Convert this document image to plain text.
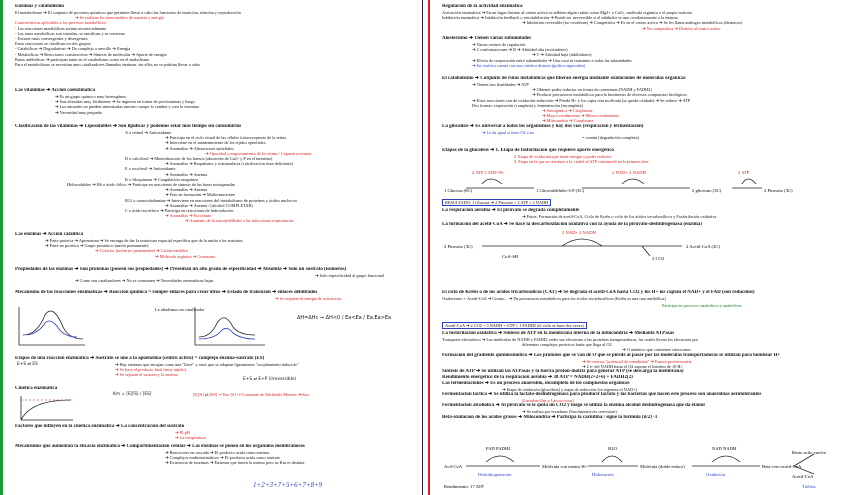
Enzimas y catabolismo
El metabolismo ➔ El conjunto de procesos químicos que permiten llevar a cabo las funciones de nutrición, relación y reproducción
➔ Se realizan los intercambios de materia y energía
Características aplicables a los procesos metabólicos:
- Las reacciones metabólicas actúan secuencialmente
- Las rutas metabólicas son variadas, se ramifican y se conectan
- Existen rutas convergentes y divergentes
Estas reacciones se clasifican en dos grupos:
- Catabólicas ➔ Degradativas ➔ De complejo a sencillo ➔ Energía
- Metabólicas ➔ Reacciones constructivas ➔ Síntesis de moléculas ➔ Aporte de energía
Rutas anfibólicas ➔ participan tanto en el catabolismo como en el anabolismo
Para el metabolismo se necesitan unos catalizadores llamados enzimas, sin ellos no se podrían llevar a cabo
Las vitaminas ➔ Acción coenzimática
➔ Es un grupo químico muy heterogéneo
➔ Son alteradas muy fácilmente ➔ Se ingieren en forma de provitaminas y luego
➔ Los animales no pueden sintetizarlas nuestro cuerpo lo cambia y crea la vitamina
➔ Necesidad muy pequeña
Clasificación de las vitaminas ➔ Liposolubles ➔ Son lipídicas y podemos estar más tiempo sin consumirlas
A o retinol ➔ Antioxidante
➔ Participa en el ciclo visual de las células fotorreceptoras de la retina
➔ Interviene en el mantenimiento de los tejidos epiteliales
➔ Anomalías ➔ Alteraciones epiteliales
➔ Opacidad y engrosamiento de la córnea / Ceguera nocturna
D o calciferol ➔ Mineralización de los huesos (absorción de Ca2+ y P en el intestino)
➔ Anomalías ➔ Raquitismo y osteomalacia (calcificación ósea deficiente)
E o tocoferol ➔ Antioxidante
➔ Anomalías ➔ Anemia
K o filoquinona ➔ Coagulación sanguínea
Hidrosolubles ➔ B6 o ácido fólico ➔ Participa en reacciones de síntesis de las bases nitrogenadas
➔ Anomalías ➔ Anemia
➔ Feto en formación ➔ Malformaciones
B12 o cianocobalamina ➔ Interviene en reacciones del metabolismo de proteínas y ácidos nucleicos
➔ Anomalías ➔ Anemia / (alcohol COMPLETAR)
C o ácido ascórbico ➔ Participa en reacciones de hidroxilación
➔ Anomalías ➔ Escorbuto
➔ Aumento de la susceptibilidad a las infecciones respiratorias
Las enzimas ➔ Acción catalítica
➔ Parte proteica ➔ Apoenzima ➔ Se encarga de dar la estructura espacial específica que da la unión a los sustratos
➔ Parte no proteica ➔ Grupo prostético (unión permanente)
➔ Cofactor (unión no permanente) ➔ Catión metálico
➔ Molécula orgánica ➔ Coenzima
Propiedades de las enzimas ➔ Son proteínas (poseen sus propiedades) ➔ Presentan un alto grado de especificidad ➔ Absoluta ➔ Solo un sustrato (isómeros)
➔ Solo especificidad al grupo funcional
➔ Como son catalizadores ➔ No se consumen ➔ Necesidades enzimáticas bajas
Mecanismo de las reacciones enzimáticas ➔ Reacción química = romper enlaces para crear otros ➔ Estado de transición ➔ enlaces debilitados
➔ Se requiere la energía de activación
Le añadimos un catalizador
ΔH=ΔHc ⇒ ΔH<0 / Ea<Ea / Ea:Ea>Ea
Etapas de una reacción enzimática ➔ Sustrato se une a la apoenzima (centro activo) = complejo enzima-sustrato (ES)
➔ Hay enzimas que encajan como una "llave" y otras que se adaptan ligeramente "acoplamiento inducido"
➔ Se hace el producto final (muy rápido)
➔ Se separan el sustrato y la enzima
E+S ⇄ ES
E+S ⇄ E+P (irreversible)
Cinética enzimática
Km = [E][S] / [ES]	[E][S] ⇌ [ES] ⇒ Km [S] ⇒ Constante de Michaelis-Menten ➔ Km
Factores que influyen en la cinética enzimática ➔ La concentración del sustrato
➔ El pH
➔ La temperatura
Mecanismos que aumentan la eficacia enzimática ➔ Compartimentación celular ➔ Las enzimas se ponen en los orgánulos membranosos
➔ Reacciones en cascada ➔ El producto actúa como enzima
➔ Complejos multienzimáticos ➔ El producto actúa como sustrato
➔ Existencia de isozimas ➔ Enzimas que hacen lo mismo pero su Km es distinta
1+2+3+7+5+6+7+8+9
Regulación de la actividad enzimática
Activación enzimática ➔ En un lugar distinto al centro activo se adhiere algún catión como Mg2+ o Ca2+, molécula orgánica o el propio sustrato
Inhibición enzimática ➔ Inhibición feedback o retroinhibición ➔ Puede ser irreversible si el inhibidor se une covalentemente a la enzima
➔ Inhibición reversible (no covalente) ➔ Competitiva ➔ Es en el centro activo ➔ Se les llama análogos metabólicos (fármacos)
➔ No competitiva ➔ Distinto al centro activo
Alosterismo ➔ Tienen varias subunidades
➔ Varios centros de regulación
➔ 2 conformaciones ➔ R ➔ Afinidad alta (activadores)
➔ T ➔ Afinidad baja (inhibidores)
➔ Efecto de cooperación entre subunidades ➔ Una cosa se transmite a todas las subunidades
➔ Su cinética cuenta con una cinética distinta (gráfica sigmoidea)
El catabolismo ➔ Conjunto de rutas metabólicas que liberan energía mediante oxidaciones de moléculas orgánicas
➔ Tienen tres finalidades ➔ ATP
➔ Obtener poder reductor en forma de coenzimas (NADH y FADH2)
➔ Producir precursores metabólicos para la biosíntesis de diversos compuestos biológicos
➔ Estas reacciones son de oxidación-reducción ➔ Pierde H+ y los capta otra molécula (se queda oxidada) ➔ Se reduce ➔ ATP
Dos formas: respiración (completa) y fermentación (incompleta)
➔ Sinorgánica ➔ Citoplasma
➔ Mayor rendimiento ➔ Menor rendimiento
➔ Mitocondria ➔ Citoplasma
La glucólisis ➔ Es universal a todos los organismos y hay dos vías (respiración y fermentación)
➔ Le da igual si tiene O2 o no
= común (degradación completa)
Etapas de la glucólisis ➔ 1. Etapa de fosforilación que requiere aporte energético
2. Etapa de oxidación que rinde energía y poder reductor
3. Etapa en la que se restituye a la vitalid al ATP consumido en la primera fase
1 Glucosa (6C)
2 ATP 2 ADP+Pi
1 Gliceraldehído-3-P (3C)
2 NAD+ 2 NADH
2 glicerato (3C)
2 ATP
2 Piruvato (3C)
RESULTADO: 1 Glucosa ➔ 2 Piruvato + 2 ATP + 2 NADH
La respiración aerobia ➔ El piruvato se degrada completamente
➔ Pasos: Formación de acetil-CoA, Ciclo de Krebs o ciclo de los ácidos tricarboxílicos y Fosforilación oxidativa
La formación del acetil-CoA ➔ Se hace la descarboxilación oxidativa con la ayuda de la piruvato-deshidrogenasa (enzima)
2 Piruvato (3C)
CoA-SH
2 NAD+ 2 NADH
2 Acetil-CoA (2C)
2 CO2
El ciclo de Krebs o de los ácidos tricarboxílicos (CAT) ➔ Se degrada el acetil-CoA hasta CO2 y los H+ los captan el NAD+ y el FAD (son reducidos)
Oxalacetato + Acetil-CoA ➔ Citrato... ➔ Da precursores metabólicos para los ácidos tricarboxílicos (Krebs es una ruta anfibólica)
Participa en procesos catabólicos y anabólicos
Acetil-CoA ➔ 2 CO2 + 3 NADH + GTP + 1 FADH2 (el ciclo se hace dos veces)
La fosforilación oxidativa ➔ Síntesis de ATP en la membrana interna de la mitocondria ➔ Mediante ATPasas
Transporte electrónico ➔ Las moléculas de NADH y FADH2 cedes sus electrones a las proteínas transportadoras, las cuales llevan los electrones por
diferentes complejos proteicos hasta que llega al O2
➔ O aniónico que contienen citocromos
Formación del gradiente quimiosmótico ➔ Los protones que se van de O que se pierde al pasar por las moléculas transportadoras se utilizan para bombear H+
➔ Se crea un "potencial de membrana" ➔ Fuerza protón-motriz
➔ 2 e- del NADH hasta el O2 supone el bombeo de 10 H+
Síntesis de ATP ➔ Se utilizan las ATPasas y la fuerza protón-motriz para generar ATP (se descarga la membrana)
Rendimiento energético de la respiración aerobia ➔ 38 ATP = NADH(2+2+6) + FADH2(2)
Las fermentaciones ➔ Es un proceso anaerobio, incompleto de los compuestos orgánicos
➔ Etapa de oxidación (glucólisis) y etapa de reducción (se regenera el NAD+)
Fermentación láctica ➔ Se utiliza la lactato-deshidrogenasa para producir lactato y las bacterias que hacen este proceso son anaerobias aerotolerantes
(Lactobacillus y Lactococcus)
Fermentación alcohólica ➔ Al piruvato se le quita un CO2 y luego se utiliza la enzima alcohol deshidrogenasa que da etanol
➔ Se realiza por levaduras (Saccharomyces cerevisiae)
Beta-oxidación de los ácidos grasos ➔ Mitocondria ➔ Participa la carnitina / sigue la fórmula (n/2) -1
Acil-CoA
FAD FADH2
Molécula con menos H+
H2O
Molécula (doble enlace)
NAD NADH
Beta-ceto-acetil-CoA
Resto acilo vuelve
Acetil-CoA
Deshidrogenación	Hidratación	Oxidación
Tiólisis
Rendimiento: 17 ATP
